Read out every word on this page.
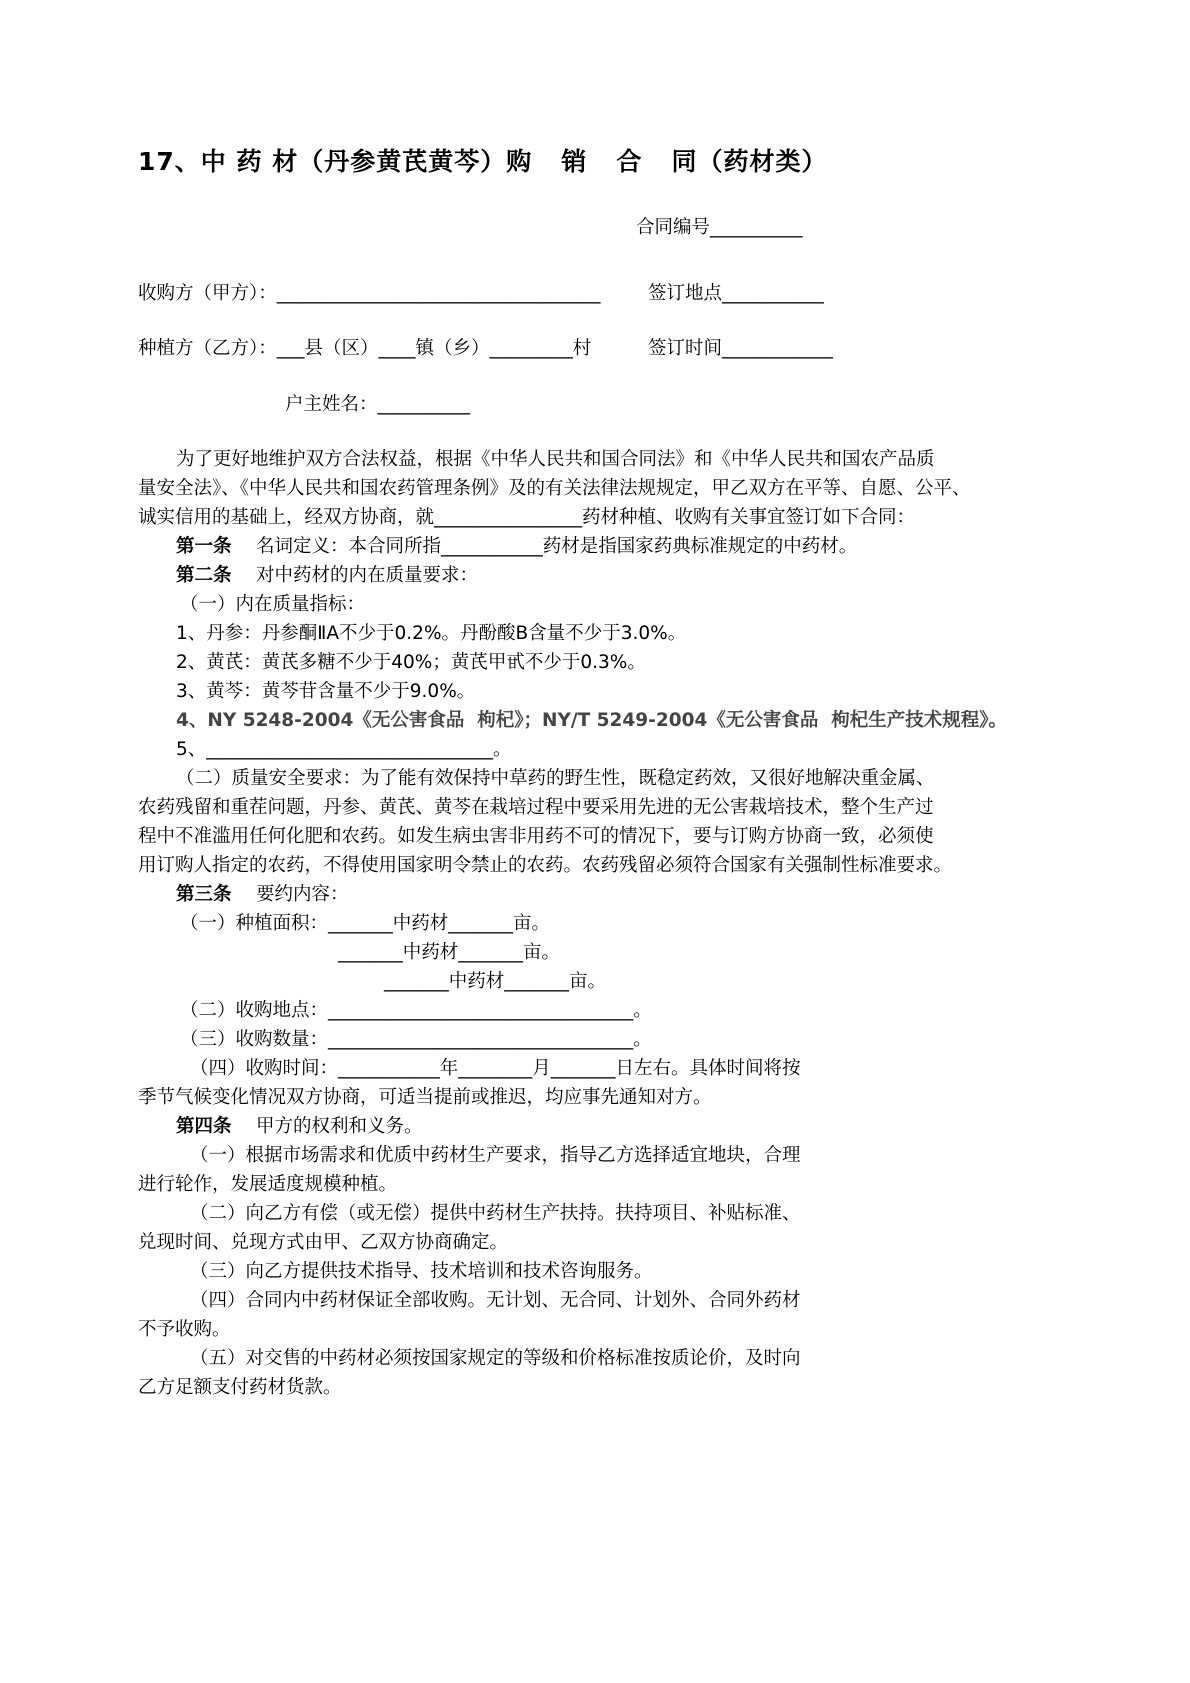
17、中 药 材（丹参黄芪黄芩）购   销   合   同（药材类）
合同编号__________
收购方（甲方）：___________________________________	签订地点___________
种植方（乙方）：___县（区）____镇（乡）_________村	签订时间____________
户主姓名：__________
为了更好地维护双方合法权益，根据《中华人民共和国合同法》和《中华人民共和国农产品质
量安全法》、《中华人民共和国农药管理条例》及的有关法律法规规定，甲乙双方在平等、自愿、公平、
诚实信用的基础上，经双方协商，就________________药材种植、收购有关事宜签订如下合同：
第一条 名词定义：本合同所指___________药材是指国家药典标准规定的中药材。
第二条 对中药材的内在质量要求：
（一）内在质量指标：
1、丹参：丹参酮ⅡA不少于0.2%。丹酚酸B含量不少于3.0%。
2、黄芪：黄芪多糖不少于40%；黄芪甲甙不少于0.3%。
3、黄芩：黄芩苷含量不少于9.0%。
4、NY 5248-2004《无公害食品  枸杞》；NY/T 5249-2004《无公害食品  枸杞生产技术规程》。
5、_______________________________。
（二）质量安全要求：为了能有效保持中草药的野生性，既稳定药效，又很好地解决重金属、
农药残留和重茬问题，丹参、黄芪、黄芩在栽培过程中要采用先进的无公害栽培技术，整个生产过
程中不准滥用任何化肥和农药。如发生病虫害非用药不可的情况下，要与订购方协商一致，必须使
用订购人指定的农药，不得使用国家明令禁止的农药。农药残留必须符合国家有关强制性标准要求。
第三条 要约内容：
（一）种植面积：_______中药材_______亩。
_______中药材_______亩。
_______中药材_______亩。
（二）收购地点：_________________________________。
（三）收购数量：_________________________________。
（四）收购时间：___________年________月_______日左右。具体时间将按
季节气候变化情况双方协商，可适当提前或推迟，均应事先通知对方。
第四条 甲方的权利和义务。
（一）根据市场需求和优质中药材生产要求，指导乙方选择适宜地块，合理
进行轮作，发展适度规模种植。
（二）向乙方有偿（或无偿）提供中药材生产扶持。扶持项目、补贴标准、
兑现时间、兑现方式由甲、乙双方协商确定。
（三）向乙方提供技术指导、技术培训和技术咨询服务。
（四）合同内中药材保证全部收购。无计划、无合同、计划外、合同外药材
不予收购。
（五）对交售的中药材必须按国家规定的等级和价格标准按质论价，及时向
乙方足额支付药材货款。
